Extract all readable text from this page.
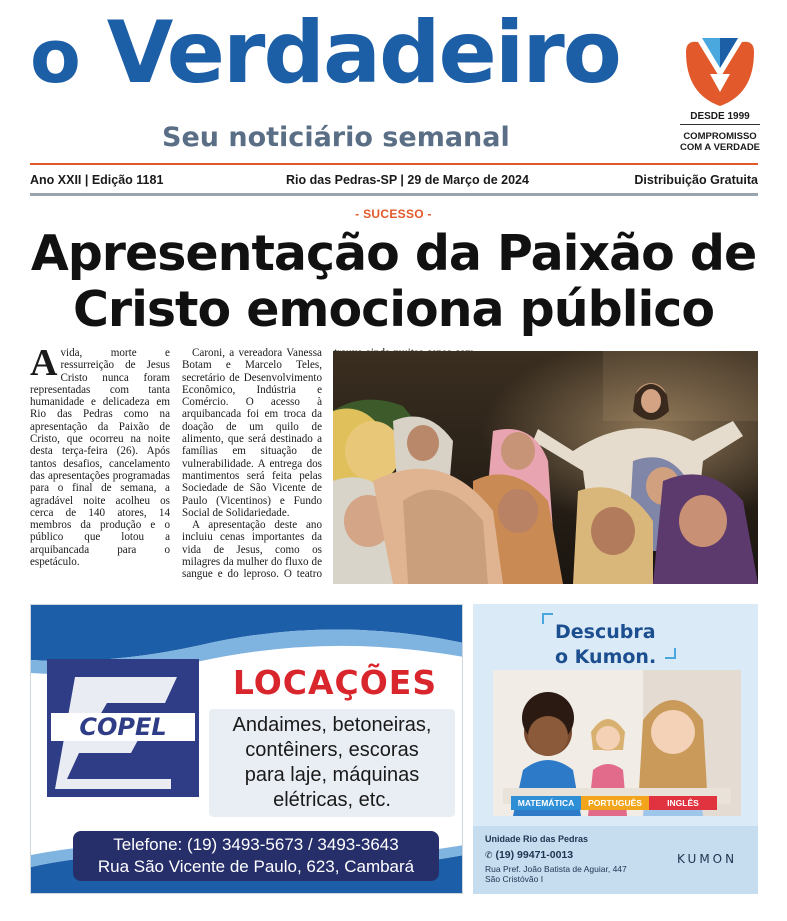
o Verdadeiro
Seu noticiário semanal
DESDE 1999
COMPROMISSO
COM A VERDADE
Ano XXII | Edição 1181	Rio das Pedras-SP | 29 de Março de 2024	Distribuição Gratuita
- SUCESSO -
Apresentação da Paixão de Cristo emociona público

Avida, morte e ressurreição de Jesus Cristo nunca foram representadas com tanta humanidade e delicadeza em Rio das Pedras como na apresentação da Paixão de Cristo, que ocorreu na noite desta terça-feira (26). Após tantos desafios, cancelamento das apresentações programadas para o final de semana, a agradável noite acolheu os cerca de 140 atores, 14 membros da produção e o público que lotou a arquibancada para o espetáculo.

Caroni, a vereadora Vanessa Botam e Marcelo Teles, secretário de Desenvolvimento Econômico, Indústria e Comércio. O acesso à arquibancada foi em troca da doação de um quilo de alimento, que será destinado a famílias em situação de vulnerabilidade. A entrega dos mantimentos será feita pelas Sociedade de São Vicente de Paulo (Vicentinos) e Fundo Social de Solidariedade.

A apresentação deste ano incluiu cenas importantes da vida de Jesus, como os milagres da mulher do fluxo de sangue e do leproso. O teatro

COPEL
LOCAÇÕES
Andaimes, betoneiras,
contêiners, escoras
para laje, máquinas
elétricas, etc.
Telefone: (19) 3493-5673 / 3493-3643
Rua São Vicente de Paulo, 623, Cambará
Descubra
o Kumon.
MATEMÁTICA	PORTUGUÊS	INGLÊS
Unidade Rio das Pedras
✆ (19) 99471-0013
Rua Pref. João Batista de Aguiar, 447
São Cristóvão I
KUMON
